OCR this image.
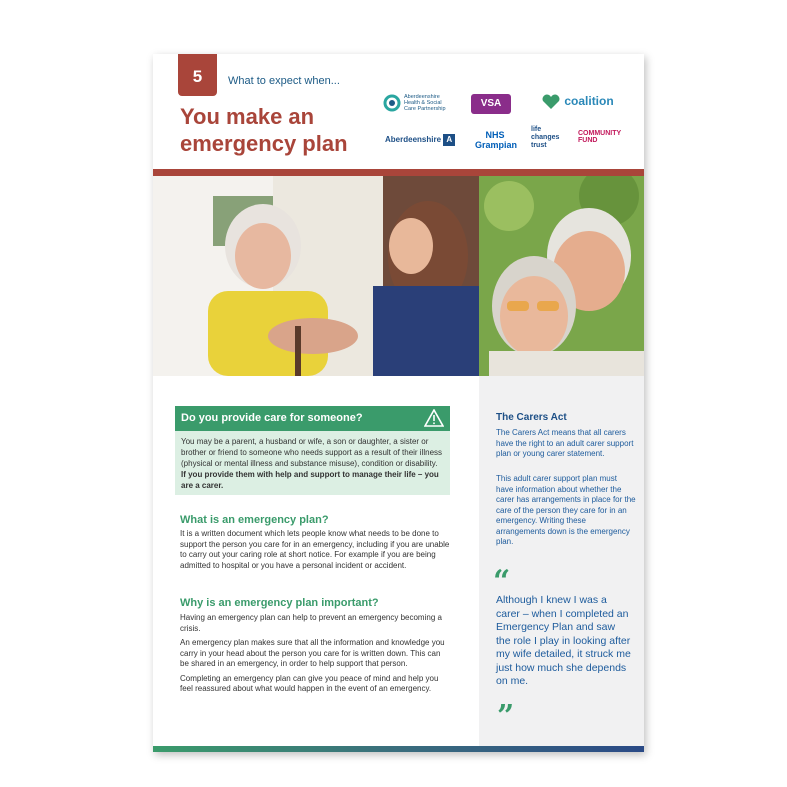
5	What to expect when...
You make an
emergency plan
Aberdeenshire Health & Social Care Partnership	VSA	coalition
Aberdeenshire A	NHS Grampian
life changes trust
COMMUNITY FUND
Do you provide care for someone?
You may be a parent, a husband or wife, a son or daughter, a sister or brother or friend to someone who needs support as a result of their illness (physical or mental illness and substance misuse), condition or disability. If you provide them with help and support to manage their life – you are a carer.
What is an emergency plan?

It is a written document which lets people know what needs to be done to support the person you care for in an emergency, including if you are unable to carry out your caring role at short notice. For example if you are being admitted to hospital or you have a personal incident or accident.

Why is an emergency plan important?

Having an emergency plan can help to prevent an emergency becoming a crisis.

An emergency plan makes sure that all the information and knowledge you carry in your head about the person you care for is written down. This can be shared in an emergency, in order to help support that person.

Completing an emergency plan can give you peace of mind and help you feel reassured about what would happen in the event of an emergency.

The Carers Act
The Carers Act means that all carers have the right to an adult carer support plan or young carer statement.
This adult carer support plan must have information about whether the carer has arrangements in place for the care of the person they care for in an emergency. Writing these arrangements down is the emergency plan.
“
Although I knew I was a carer – when I completed an Emergency Plan and saw the role I play in looking after my wife detailed, it struck me just how much she depends on me.
”
